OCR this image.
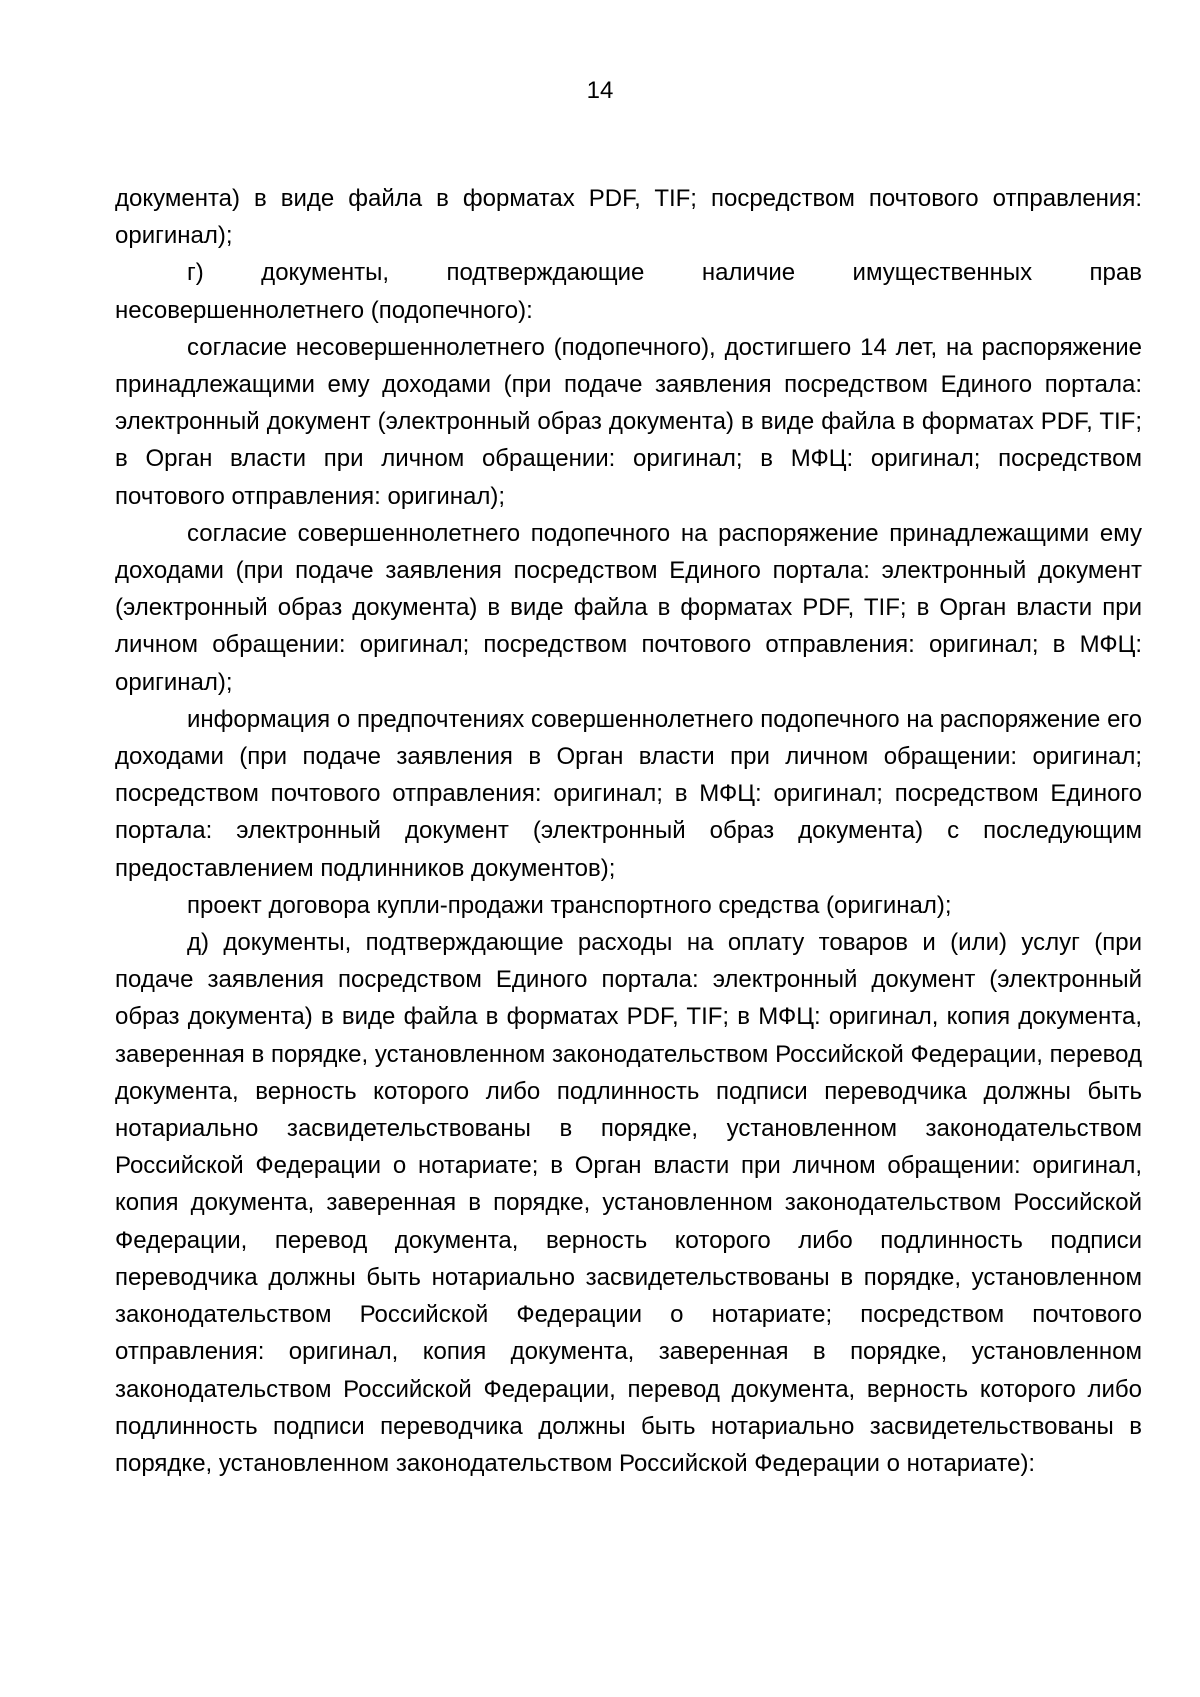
14

документа) в виде файла в форматах PDF, TIF; посредством почтового отправления: оригинал);

г) документы, подтверждающие наличие имущественных прав несовершеннолетнего (подопечного):

согласие несовершеннолетнего (подопечного), достигшего 14 лет, на распоряжение принадлежащими ему доходами (при подаче заявления посредством Единого портала: электронный документ (электронный образ документа) в виде файла в форматах PDF, TIF; в Орган власти при личном обращении: оригинал; в МФЦ: оригинал; посредством почтового отправления: оригинал);

согласие совершеннолетнего подопечного на распоряжение принадлежащими ему доходами (при подаче заявления посредством Единого портала: электронный документ (электронный образ документа) в виде файла в форматах PDF, TIF; в Орган власти при личном обращении: оригинал; посредством почтового отправления: оригинал; в МФЦ: оригинал);

информация о предпочтениях совершеннолетнего подопечного на распоряжение его доходами (при подаче заявления в Орган власти при личном обращении: оригинал; посредством почтового отправления: оригинал; в МФЦ: оригинал; посредством Единого портала: электронный документ (электронный образ документа) с последующим предоставлением подлинников документов);

проект договора купли-продажи транспортного средства (оригинал);

д) документы, подтверждающие расходы на оплату товаров и (или) услуг (при подаче заявления посредством Единого портала: электронный документ (электронный образ документа) в виде файла в форматах PDF, TIF; в МФЦ: оригинал, копия документа, заверенная в порядке, установленном законодательством Российской Федерации, перевод документа, верность которого либо подлинность подписи переводчика должны быть нотариально засвидетельствованы в порядке, установленном законодательством Российской Федерации о нотариате; в Орган власти при личном обращении: оригинал, копия документа, заверенная в порядке, установленном законодательством Российской Федерации, перевод документа, верность которого либо подлинность подписи переводчика должны быть нотариально засвидетельствованы в порядке, установленном законодательством Российской Федерации о нотариате; посредством почтового отправления: оригинал, копия документа, заверенная в порядке, установленном законодательством Российской Федерации, перевод документа, верность которого либо подлинность подписи переводчика должны быть нотариально засвидетельствованы в порядке, установленном законодательством Российской Федерации о нотариате):
